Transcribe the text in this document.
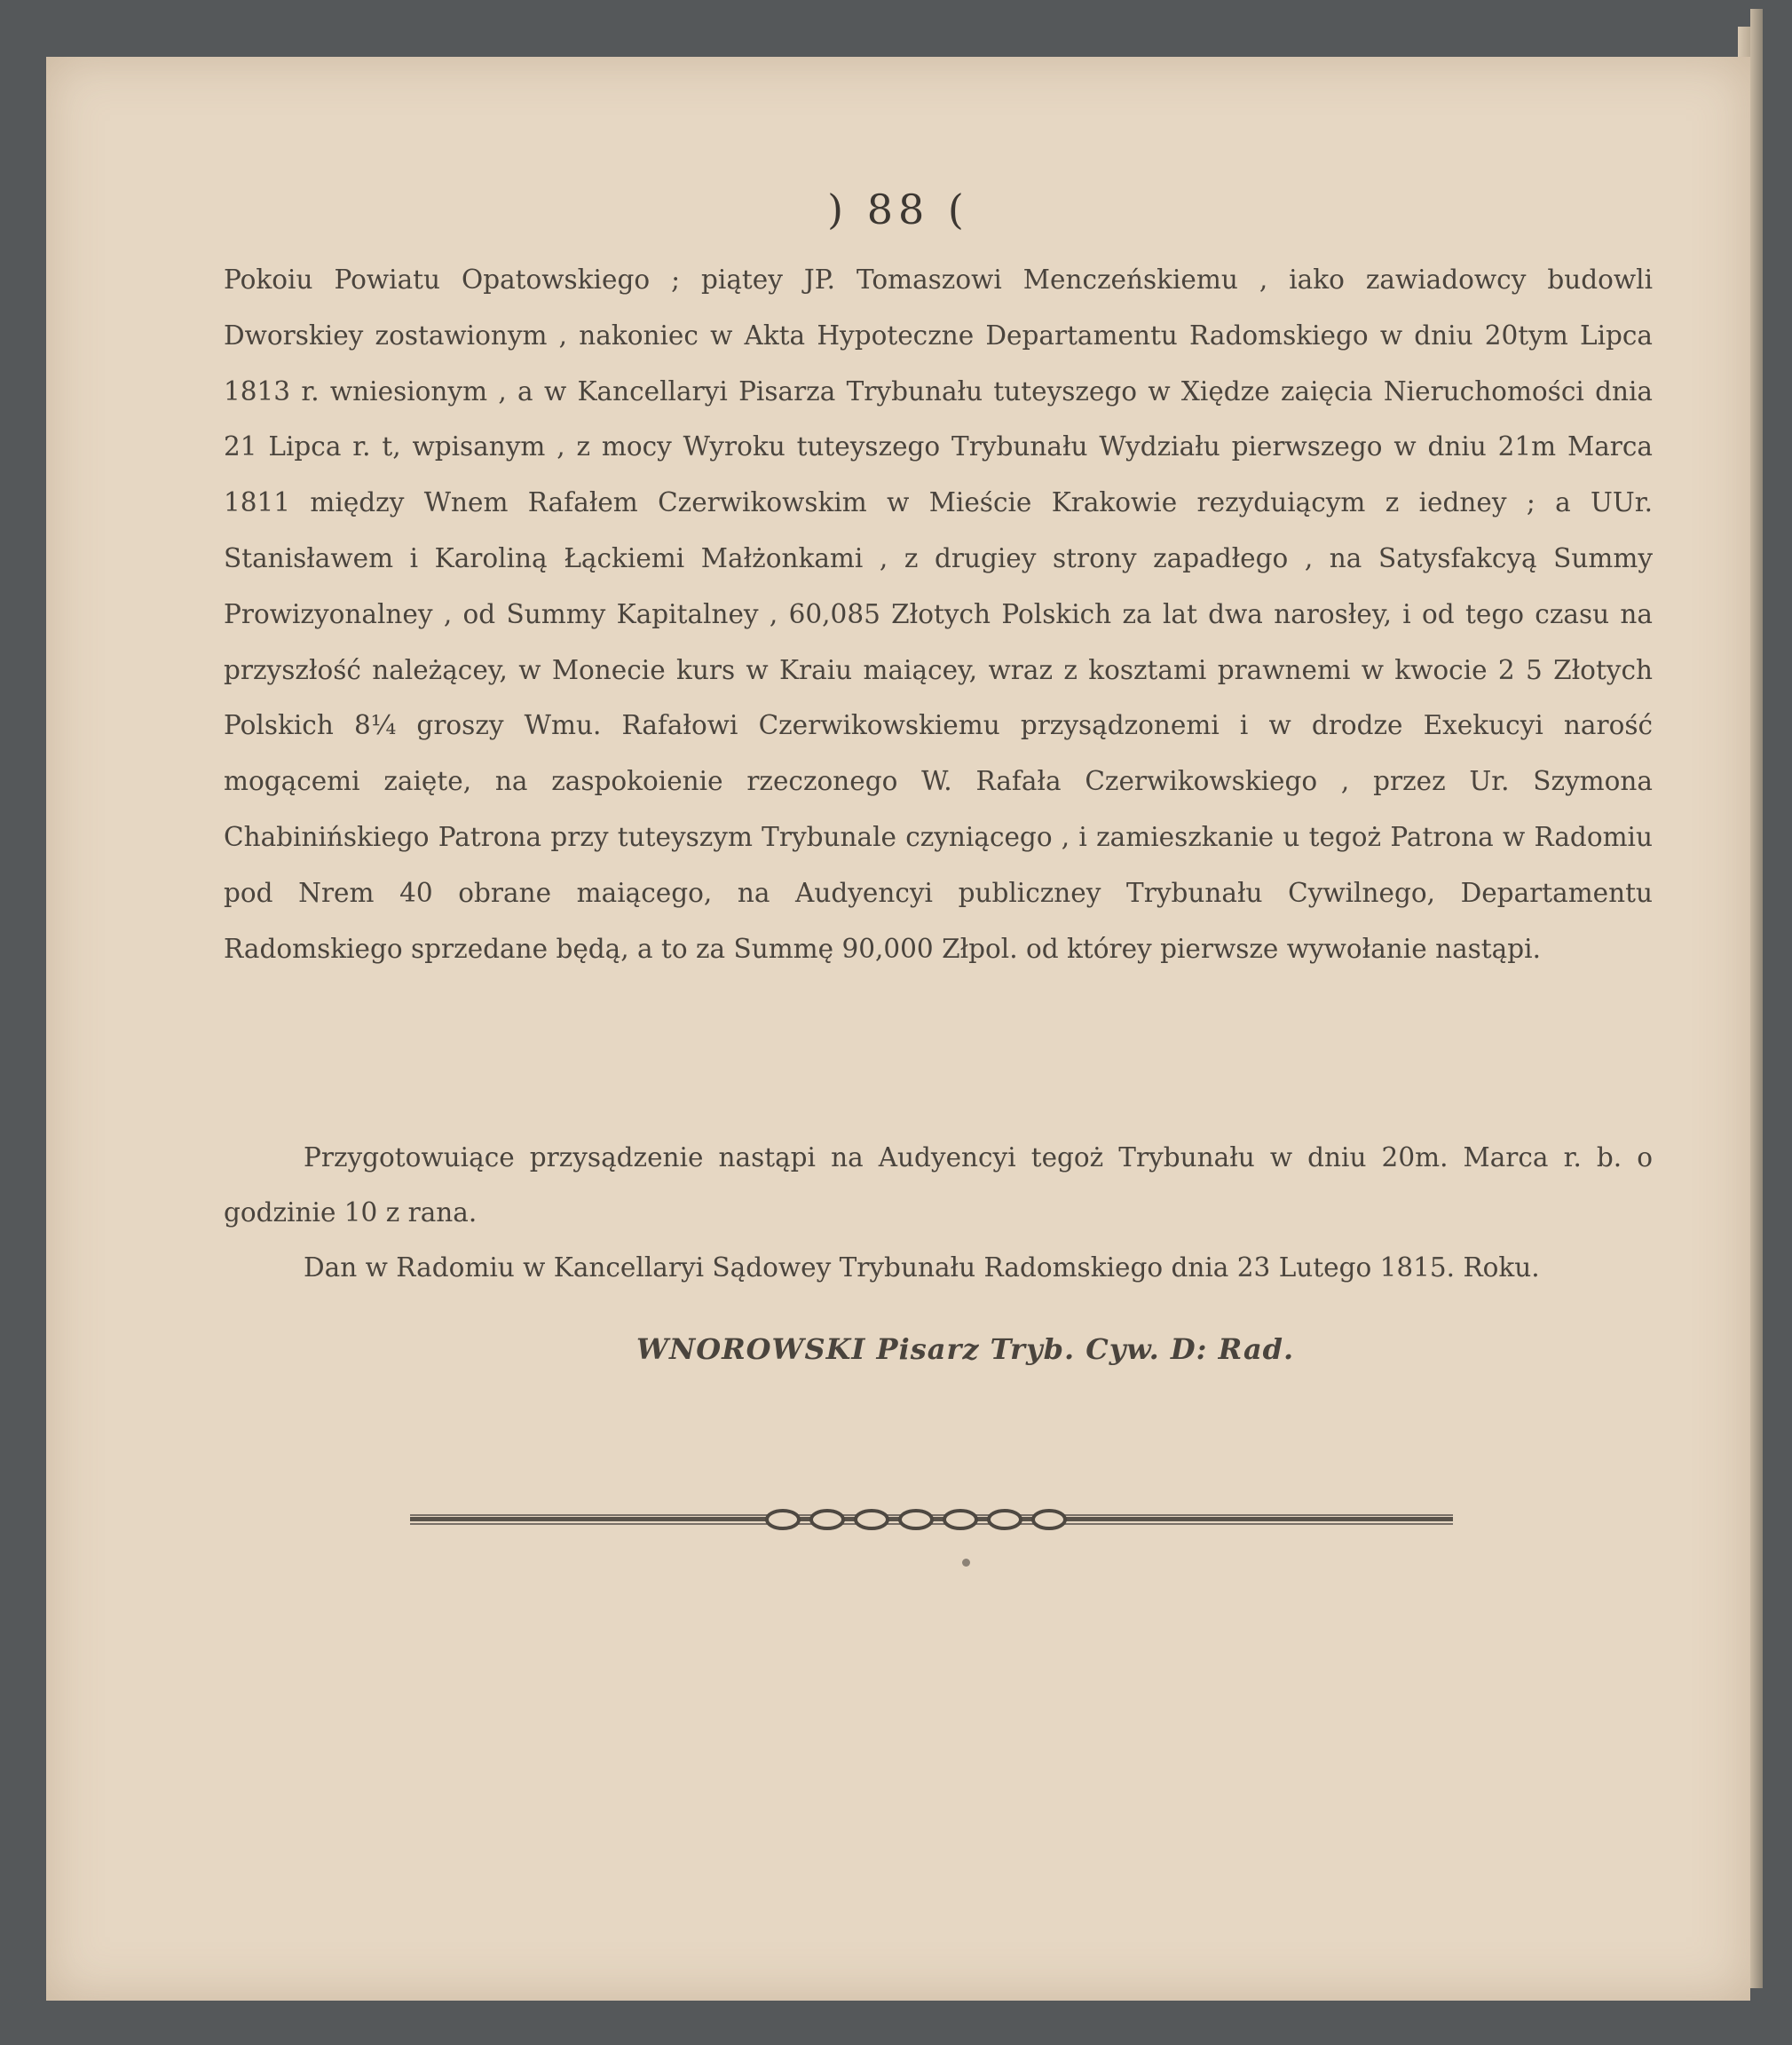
) 88 (
Pokoiu Powiatu Opatowskiego ; piątey JP. Tomaszowi Menczeńskiemu , iako zawiadowcy budowli Dworskiey zostawionym , nakoniec w Akta Hypoteczne Departamentu Radomskiego w dniu 20tym Lipca 1813 r. wniesionym , a w Kancellaryi Pisarza Trybunału tuteyszego w Xiędze zaięcia Nieruchomości dnia 21 Lipca r. t, wpisanym , z mocy Wyroku tuteyszego Trybunału Wydziału pierwszego w dniu 21m Marca 1811 między Wnem Rafałem Czerwikowskim w Mieście Krakowie rezyduiącym z iedney ; a UUr. Stanisławem i Karoliną Łąckiemi Małżonkami , z drugiey strony zapadłego , na Satysfakcyą Summy Prowizyonalney , od Summy Kapitalney , 60,085 Złotych Polskich za lat dwa narosłey, i od tego czasu na przyszłość należącey, w Monecie kurs w Kraiu maiącey, wraz z kosztami prawnemi w kwocie 2 5 Złotych Polskich 8¼ groszy Wmu. Rafałowi Czerwikowskiemu przysądzonemi i w drodze Exekucyi narość mogącemi zaięte, na zaspokoienie rzeczonego W. Rafała Czerwikowskiego , przez Ur. Szymona Chabinińskiego Patrona przy tuteyszym Trybunale czyniącego , i zamieszkanie u tegoż Patrona w Radomiu pod Nrem 40 obrane maiącego, na Audyencyi publiczney Trybunału Cywilnego, Departamentu Radomskiego sprzedane będą, a to za Summę 90,000 Złpol. od którey pierwsze wywołanie nastąpi.
Przygotowuiące przysądzenie nastąpi na Audyencyi tegoż Trybunału w dniu 20m. Marca r. b. o godzinie 10 z rana.
Dan w Radomiu w Kancellaryi Sądowey Trybunału Radomskiego dnia 23 Lutego 1815. Roku.
WNOROWSKI Pisarz Tryb. Cyw. D: Rad.
